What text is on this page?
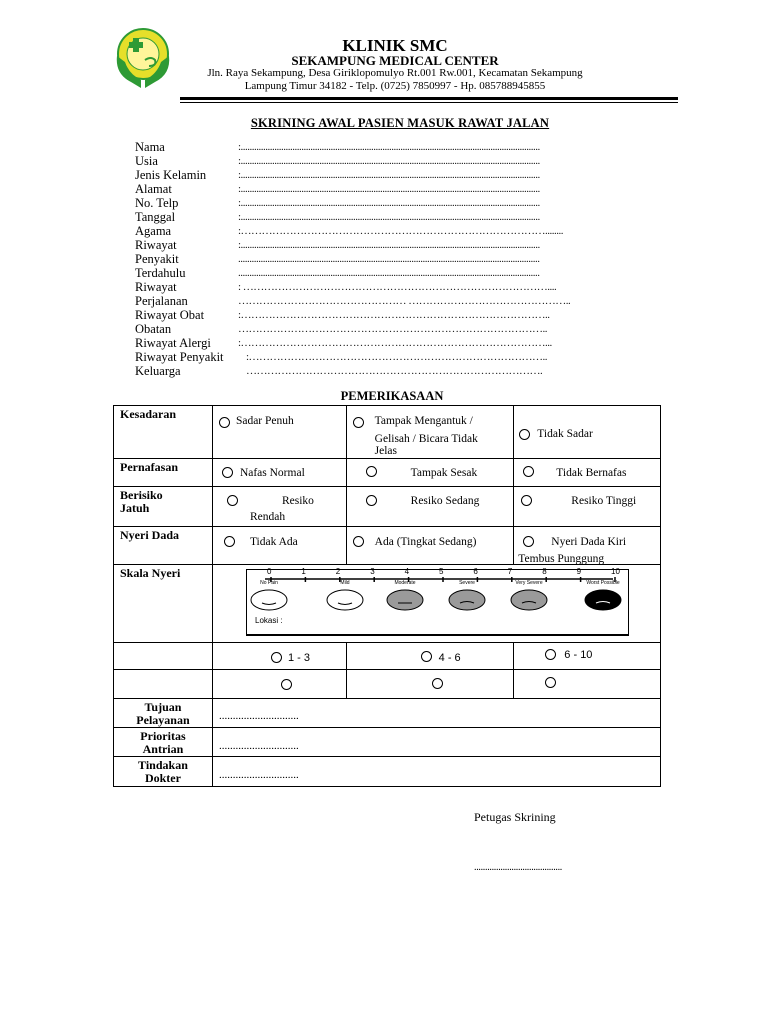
KLINIK SMC
SEKAMPUNG MEDICAL CENTER
Jln. Raya Sekampung, Desa Giriklopomulyo Rt.001 Rw.001, Kecamatan Sekampung
Lampung Timur 34182 - Telp. (0725) 7850997 - Hp. 085788945855
SKRINING AWAL PASIEN MASUK RAWAT JALAN
Nama	:.....................................................................................................................................
Usia	:.....................................................................................................................................
Jenis Kelamin	:.....................................................................................................................................
Alamat	:.....................................................................................................................................
No. Telp	:.....................................................................................................................................
Tanggal	:.....................................................................................................................................
Agama	:……………………………………………………………………………........
Riwayat	:.....................................................................................................................................
Penyakit	......................................................................................................................................
Terdahulu	......................................................................................................................................
Riwayat	: ……………………………………………………………………………....
Perjalanan	………………………………………… ………………………………………..
Riwayat Obat	:……………………………………………………………………………..
Obatan	……………………………………………………………………………..
Riwayat Alergi :……………………………………………………………………………...
Riwayat Penyakit :…………………………………………………………………………..
Keluarga	………………………………………………………………………….
PEMERIKASAAN
Kesadaran	Sadar Penuh	Tampak Mengantuk /
Gelisah / Bicara Tidak
Jelas	Tidak Sadar

Pernafasan	Nafas Normal	Tampak Sesak	Tidak Bernafas

Berisiko
Jatuh	Resiko
Rendah	Resiko Sedang	Resiko Tinggi

Nyeri Dada	Tidak Ada	Ada (Tingkat Sedang)	Nyeri Dada Kiri
Tembus Punggung

Skala Nyeri			

	1 - 3	4 - 6	6 - 10

Tujuan
Pelayanan	.............................		

Prioritas
Antrian	.............................		

Tindakan
Dokter	.............................		
0	1	2	3	4	5	6	7	8	9	10
No Pain	Mild	Moderate	Severe	Very Severe	Worst Possible
Lokasi :
Petugas Skrining
........................................
